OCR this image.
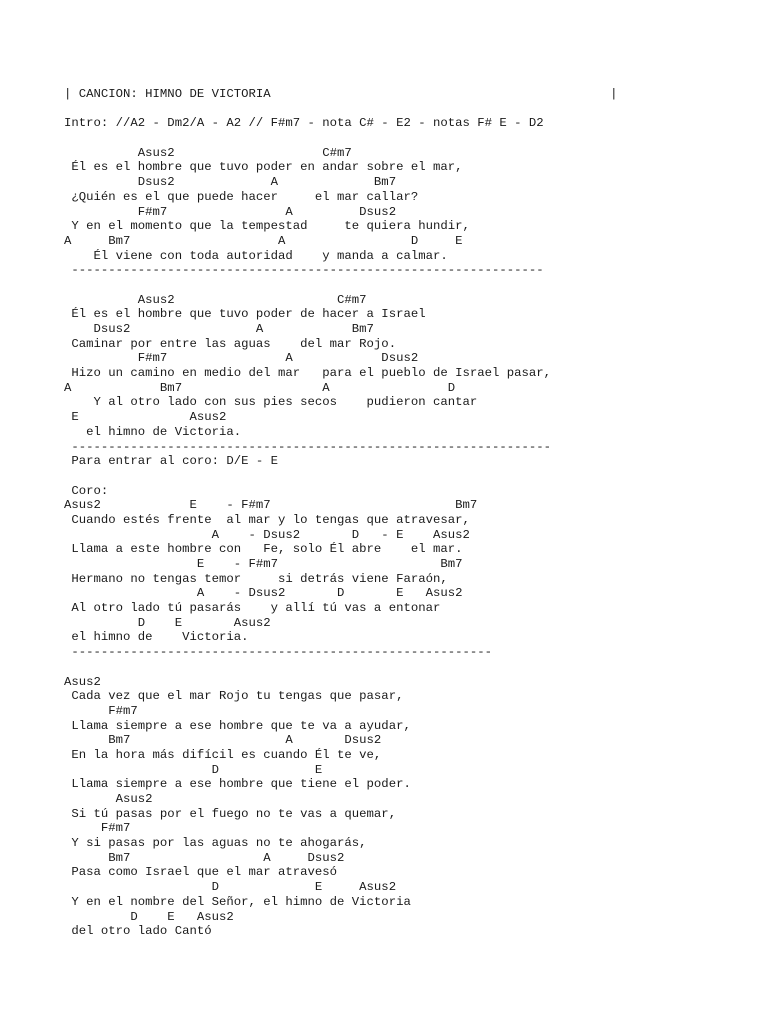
| CANCION: HIMNO DE VICTORIA                                              |
Intro: //A2 - Dm2/A - A2 // F#m7 - nota C# - E2 - notas F# E - D2
Asus2                    C#m7
Él es el hombre que tuvo poder en andar sobre el mar,
Dsus2             A             Bm7
¿Quién es el que puede hacer     el mar callar?
F#m7                A         Dsus2
Y en el momento que la tempestad     te quiera hundir,
A     Bm7                    A                 D     E
Él viene con toda autoridad    y manda a calmar.
----------------------------------------------------------------
Asus2                      C#m7
Él es el hombre que tuvo poder de hacer a Israel
Dsus2                 A            Bm7
Caminar por entre las aguas    del mar Rojo.
F#m7                A            Dsus2
Hizo un camino en medio del mar   para el pueblo de Israel pasar,
A            Bm7                   A                D
Y al otro lado con sus pies secos    pudieron cantar
E               Asus2
el himno de Victoria.
-----------------------------------------------------------------
Para entrar al coro: D/E - E
Coro:
Asus2            E    - F#m7                         Bm7
Cuando estés frente  al mar y lo tengas que atravesar,
A    - Dsus2       D   - E    Asus2
Llama a este hombre con   Fe, solo Él abre    el mar.
E    - F#m7                      Bm7
Hermano no tengas temor     si detrás viene Faraón,
A    - Dsus2       D       E   Asus2
Al otro lado tú pasarás    y allí tú vas a entonar
D    E       Asus2
el himno de    Victoria.
---------------------------------------------------------
Asus2
Cada vez que el mar Rojo tu tengas que pasar,
F#m7
Llama siempre a ese hombre que te va a ayudar,
Bm7                     A       Dsus2
En la hora más difícil es cuando Él te ve,
D             E
Llama siempre a ese hombre que tiene el poder.
Asus2
Si tú pasas por el fuego no te vas a quemar,
F#m7
Y si pasas por las aguas no te ahogarás,
Bm7                  A     Dsus2
Pasa como Israel que el mar atravesó
D             E     Asus2
Y en el nombre del Señor, el himno de Victoria
D    E   Asus2
del otro lado Cantó
